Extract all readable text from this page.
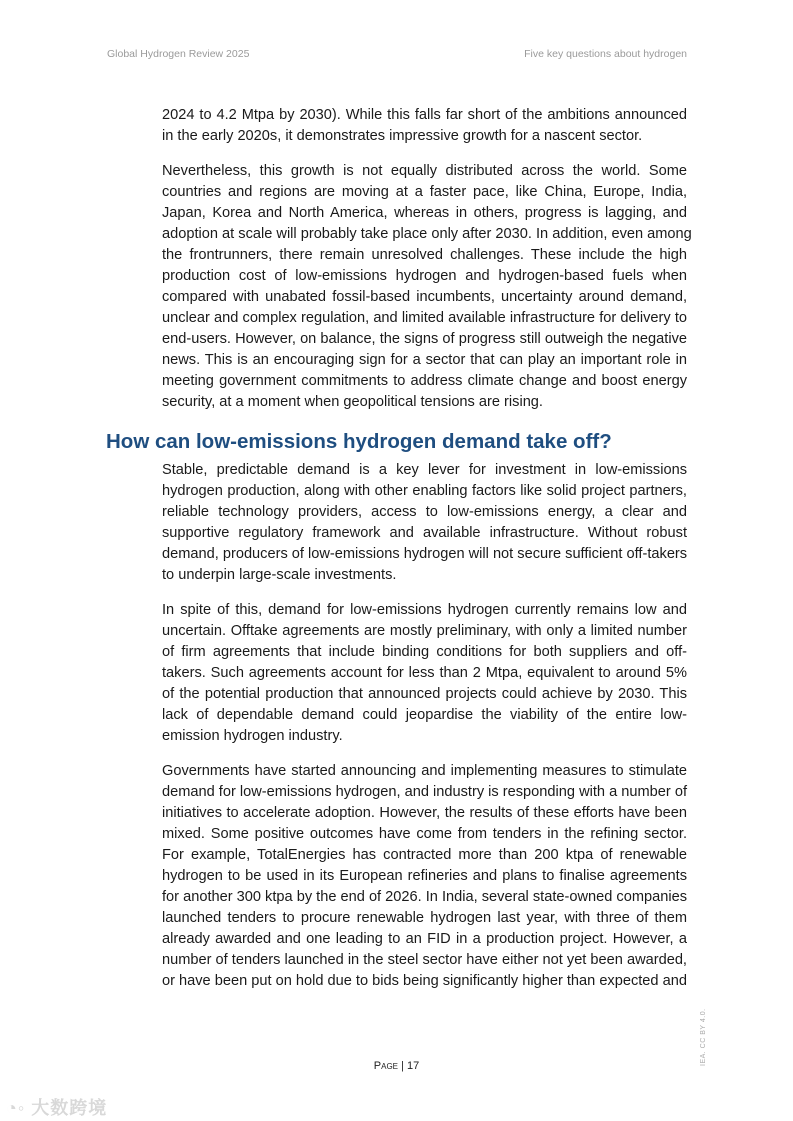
Global Hydrogen Review 2025	Five key questions about hydrogen

2024 to 4.2 Mtpa by 2030). While this falls far short of the ambitions announced
in the early 2020s, it demonstrates impressive growth for a nascent sector.

Nevertheless, this growth is not equally distributed across the world. Some
countries and regions are moving at a faster pace, like China, Europe, India,
Japan, Korea and North America, whereas in others, progress is lagging, and
adoption at scale will probably take place only after 2030. In addition, even among
the frontrunners, there remain unresolved challenges. These include the high
production cost of low-emissions hydrogen and hydrogen-based fuels when
compared with unabated fossil-based incumbents, uncertainty around demand,
unclear and complex regulation, and limited available infrastructure for delivery to
end-users. However, on balance, the signs of progress still outweigh the negative
news. This is an encouraging sign for a sector that can play an important role in
meeting government commitments to address climate change and boost energy
security, at a moment when geopolitical tensions are rising.

How can low-emissions hydrogen demand take off?

Stable, predictable demand is a key lever for investment in low-emissions
hydrogen production, along with other enabling factors like solid project partners,
reliable technology providers, access to low-emissions energy, a clear and
supportive regulatory framework and available infrastructure. Without robust
demand, producers of low-emissions hydrogen will not secure sufficient off-takers
to underpin large-scale investments.

In spite of this, demand for low-emissions hydrogen currently remains low and
uncertain. Offtake agreements are mostly preliminary, with only a limited number
of firm agreements that include binding conditions for both suppliers and off-
takers. Such agreements account for less than 2 Mtpa, equivalent to around 5%
of the potential production that announced projects could achieve by 2030. This
lack of dependable demand could jeopardise the viability of the entire low-
emission hydrogen industry.

Governments have started announcing and implementing measures to stimulate
demand for low-emissions hydrogen, and industry is responding with a number of
initiatives to accelerate adoption. However, the results of these efforts have been
mixed. Some positive outcomes have come from tenders in the refining sector.
For example, TotalEnergies has contracted more than 200 ktpa of renewable
hydrogen to be used in its European refineries and plans to finalise agreements
for another 300 ktpa by the end of 2026. In India, several state-owned companies
launched tenders to procure renewable hydrogen last year, with three of them
already awarded and one leading to an FID in a production project. However, a
number of tenders launched in the steel sector have either not yet been awarded,
or have been put on hold due to bids being significantly higher than expected and

Page | 17	IEA. CC BY 4.0.
◔◦ 大数跨境
